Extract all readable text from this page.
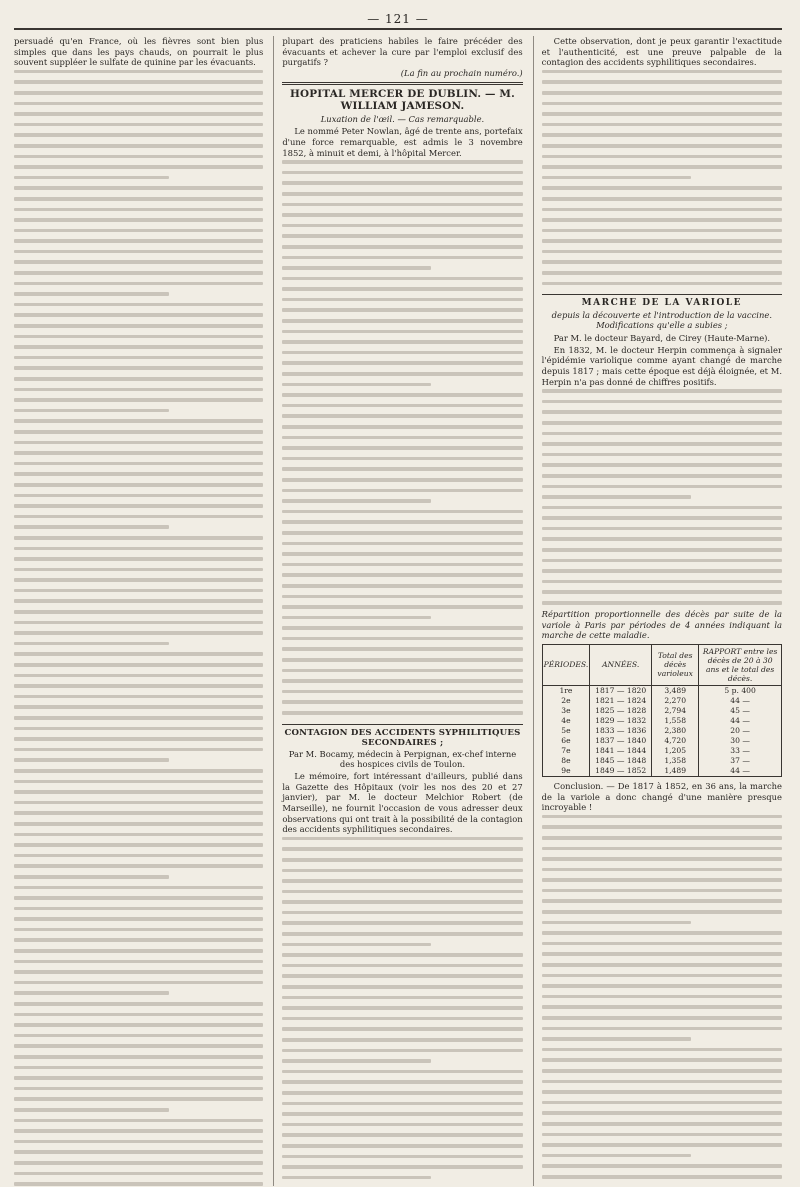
— 121 —

persuadé qu'en France, où les fièvres sont bien plus simples que dans les pays chauds, on pourrait le plus souvent suppléer le sulfate de quinine par les évacuants.

plupart des praticiens habiles le faire précéder des évacuants et achever la cure par l'emploi exclusif des purgatifs ?

(La fin au prochain numéro.)

HOPITAL MERCER DE DUBLIN. — M. WILLIAM JAMESON.
Luxation de l'œil. — Cas remarquable.

Le nommé Peter Nowlan, âgé de trente ans, portefaix d'une force remarquable, est admis le 3 novembre 1852, à minuit et demi, à l'hôpital Mercer.

CONTAGION DES ACCIDENTS SYPHILITIQUES SECONDAIRES ;
Par M. Bocamy, médecin à Perpignan, ex-chef interne des hospices civils de Toulon.

Le mémoire, fort intéressant d'ailleurs, publié dans la Gazette des Hôpitaux (voir les nos des 20 et 27 janvier), par M. le docteur Melchior Robert (de Marseille), ne fournit l'occasion de vous adresser deux observations qui ont trait à la possibilité de la contagion des accidents syphilitiques secondaires.

Cette observation, dont je peux garantir l'exactitude et l'authenticité, est une preuve palpable de la contagion des accidents syphilitiques secondaires.

MARCHE DE LA VARIOLE
depuis la découverte et l'introduction de la vaccine. Modifications qu'elle a subies ;
Par M. le docteur Bayard, de Cirey (Haute-Marne).

En 1832, M. le docteur Herpin commença à signaler l'épidémie variolique comme ayant changé de marche depuis 1817 ; mais cette époque est déjà éloignée, et M. Herpin n'a pas donné de chiffres positifs.

Répartition proportionnelle des décès par suite de la variole à Paris par périodes de 4 années indiquant la marche de cette maladie.

PÉRIODES.	ANNÉES.	Total des décès varioleux	RAPPORT entre les décès de 20 à 30 ans et le total des décès.
1re	1817 — 1820	3,489	5 p. 400
2e	1821 — 1824	2,270	44 —
3e	1825 — 1828	2,794	45 —
4e	1829 — 1832	1,558	44 —
5e	1833 — 1836	2,380	20 —
6e	1837 — 1840	4,720	30 —
7e	1841 — 1844	1,205	33 —
8e	1845 — 1848	1,358	37 —
9e	1849 — 1852	1,489	44 —

Conclusion. — De 1817 à 1852, en 36 ans, la marche de la variole a donc changé d'une manière presque incroyable !
